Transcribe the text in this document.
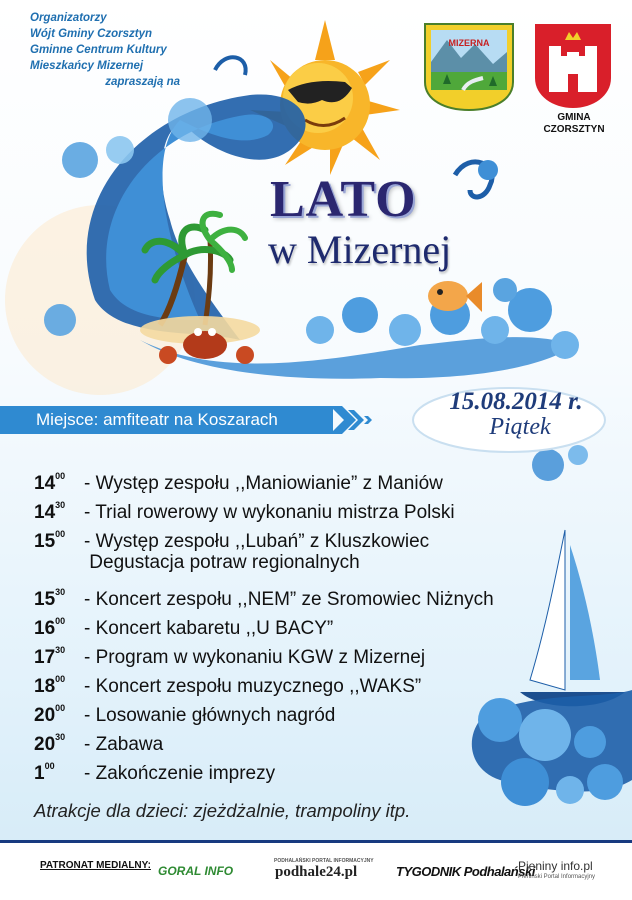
Organizatorzy
Wójt Gminy Czorsztyn
Gminne Centrum Kultury
Mieszkańcy Mizernej
zapraszają na
MIZERNA
GMINA
CZORSZTYN
LATO
w Mizernej
Miejsce: amfiteatr na Koszarach
15.08.2014 r.
Piątek
$14^{00}$ - Występ zespołu ,,Maniowianie” z Maniów
$14^{30}$ - Trial rowerowy w wykonaniu mistrza Polski
$15^{00}$ - Występ zespołu ,,Lubań” z Kluszkowiec
Degustacja potraw regionalnych
$15^{30}$ - Koncert zespołu ,,NEM” ze Sromowiec Niżnych
$16^{00}$ - Koncert kabaretu ,,U BACY”
$17^{30}$ - Program w wykonaniu KGW z Mizernej
$18^{00}$ - Koncert zespołu muzycznego ,,WAKS”
$20^{00}$ - Losowanie głównych nagród
$20^{30}$ - Zabawa
$1^{00}$ - Zakończenie imprezy
Atrakcje dla dzieci: zjeżdżalnie, trampoliny itp.
PATRONAT MEDIALNY: GORAL INFO
PODHALAŃSKI PORTAL INFORMACYJNY
podhale24.pl	TYGODNIK Podhalański
Pieniny info.pl
Pieniński Portal Informacyjny
